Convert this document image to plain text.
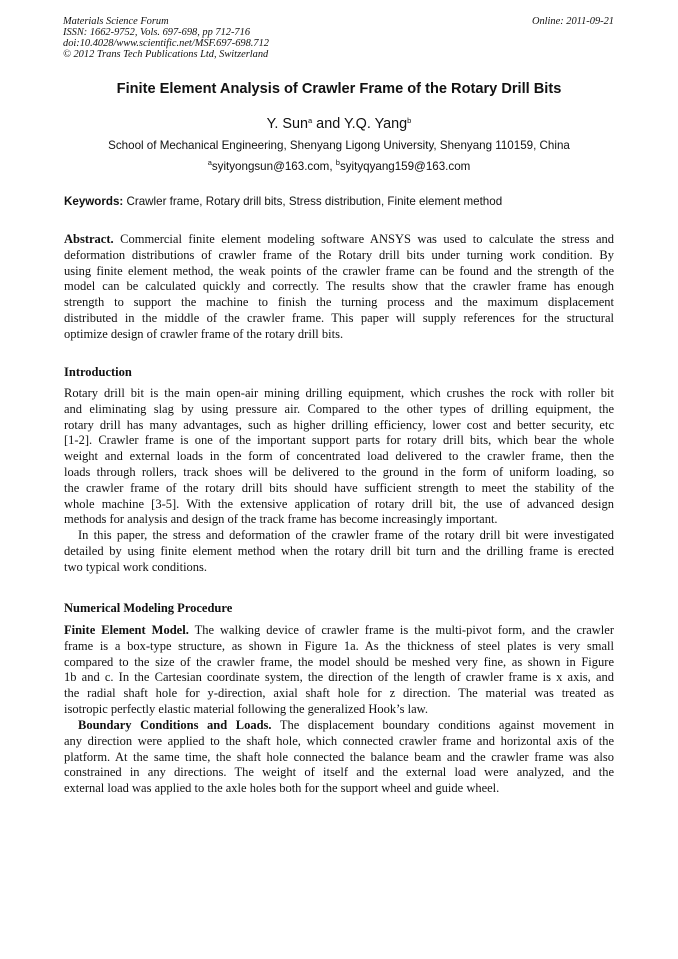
Materials Science Forum
ISSN: 1662-9752, Vols. 697-698, pp 712-716
doi:10.4028/www.scientific.net/MSF.697-698.712
© 2012 Trans Tech Publications Ltd, Switzerland
Online: 2011-09-21
Finite Element Analysis of Crawler Frame of the Rotary Drill Bits
Y. Sun$^a$ and Y.Q. Yang$^b$
School of Mechanical Engineering, Shenyang Ligong University, Shenyang 110159, China
$^a$syityongsun@163.com, $^b$syityqyang159@163.com
Keywords: Crawler frame, Rotary drill bits, Stress distribution, Finite element method
Abstract. Commercial finite element modeling software ANSYS was used to calculate the stress and
deformation distributions of crawler frame of the Rotary drill bits under turning work condition. By
using finite element method, the weak points of the crawler frame can be found and the strength of the
model can be calculated quickly and correctly. The results show that the crawler frame has enough
strength to support the machine to finish the turning process and the maximum displacement
distributed in the middle of the crawler frame. This paper will supply references for the structural
optimize design of crawler frame of the rotary drill bits.
Introduction
Rotary drill bit is the main open-air mining drilling equipment, which crushes the rock with roller bit
and eliminating slag by using pressure air. Compared to the other types of drilling equipment, the
rotary drill has many advantages, such as higher drilling efficiency, lower cost and better security, etc
[1-2]. Crawler frame is one of the important support parts for rotary drill bits, which bear the whole
weight and external loads in the form of concentrated load delivered to the crawler frame, then the
loads through rollers, track shoes will be delivered to the ground in the form of uniform loading, so
the crawler frame of the rotary drill bits should have sufficient strength to meet the stability of the
whole machine [3-5]. With the extensive application of rotary drill bit, the use of advanced design
methods for analysis and design of the track frame has become increasingly important.
In this paper, the stress and deformation of the crawler frame of the rotary drill bit were investigated
detailed by using finite element method when the rotary drill bit turn and the drilling frame is erected
two typical work conditions.
Numerical Modeling Procedure
Finite Element Model. The walking device of crawler frame is the multi-pivot form, and the crawler
frame is a box-type structure, as shown in Figure 1a. As the thickness of steel plates is very small
compared to the size of the crawler frame, the model should be meshed very fine, as shown in Figure
1b and c. In the Cartesian coordinate system, the direction of the length of crawler frame is x axis, and
the radial shaft hole for y-direction, axial shaft hole for z direction. The material was treated as
isotropic perfectly elastic material following the generalized Hook’s law.
Boundary Conditions and Loads. The displacement boundary conditions against movement in
any direction were applied to the shaft hole, which connected crawler frame and horizontal axis of the
platform. At the same time, the shaft hole connected the balance beam and the crawler frame was also
constrained in any directions. The weight of itself and the external load were analyzed, and the
external load was applied to the axle holes both for the support wheel and guide wheel.
